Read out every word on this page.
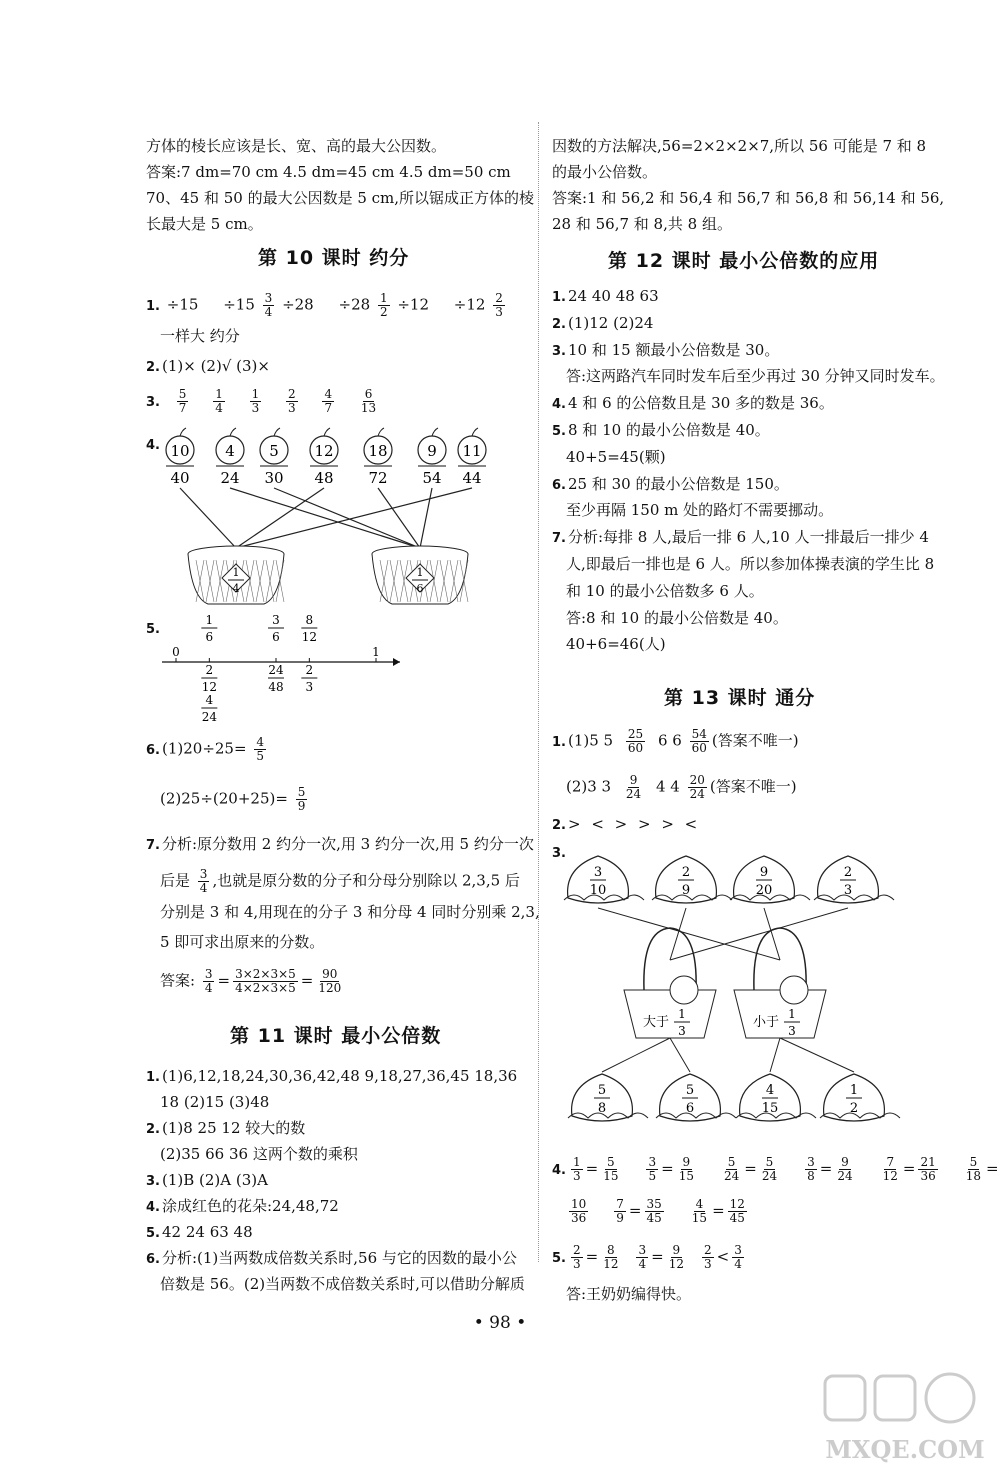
方体的棱长应该是长、宽、高的最大公因数。
答案:7 dm=70 cm 4.5 dm=45 cm 4.5 dm=50 cm
70、45 和 50 的最大公因数是 5 cm,所以锯成正方体的棱
长最大是 5 cm。
第 10 课时 约分
1. $\div 15 \div 15 \frac{3}{4} \div 28 \div 28 \frac{1}{2} \div 12 \div 12 \frac{2}{3}$
一样大 约分
2. (1)× (2)√ (3)×
3. $\frac{5}{7}$
$\frac{1}{4}$
$\frac{1}{3}$
$\frac{2}{3}$
$\frac{4}{7}$
$\frac{6}{13}$
4. 10
40
4
24
5
30
12
48
18
72
9
54
11
44
1
4
1
6
5.
0	1
1
6
3
6
8
12
2
12
24
48
2
3
4
24
6. $(1)20\div 25= \frac{4}{5}$
$(2)25\div(20+25)= \frac{5}{9}$
7. 分析:原分数用 2 约分一次,用 3 约分一次,用 5 约分一次
后是 $\frac{3}{4}$ ,也就是原分数的分子和分母分别除以 2,3,5 后
分别是 3 和 4,用现在的分子 3 和分母 4 同时分别乘 2,3,
5 即可求出原来的分数。
答案: $\frac{3}{4} = \frac{3\times 2\times 3\times 5}{4\times 2\times 3\times 5} = \frac{90}{120}$
第 11 课时 最小公倍数
1. (1)6,12,18,24,30,36,42,48 9,18,27,36,45 18,36
18 (2)15 (3)48
2. (1)8 25 12 较大的数
(2)35 66 36 这两个数的乘积
3. (1)B (2)A (3)A
4. 涂成红色的花朵:24,48,72
5. 42 24 63 48
6. 分析:(1)当两数成倍数关系时,56 与它的因数的最小公
倍数是 56。(2)当两数不成倍数关系时,可以借助分解质
因数的方法解决,56=2×2×2×7,所以 56 可能是 7 和 8
的最小公倍数。
答案:1 和 56,2 和 56,4 和 56,7 和 56,8 和 56,14 和 56,
28 和 56,7 和 8,共 8 组。
第 12 课时 最小公倍数的应用
1. 24 40 48 63
2. (1)12 (2)24
3. 10 和 15 额最小公倍数是 30。
答:这两路汽车同时发车后至少再过 30 分钟又同时发车。
4. 4 和 6 的公倍数且是 30 多的数是 36。
5. 8 和 10 的最小公倍数是 40。
40+5=45(颗)
6. 25 和 30 的最小公倍数是 150。
至少再隔 150 m 处的路灯不需要挪动。
7. 分析:每排 8 人,最后一排 6 人,10 人一排最后一排少 4
人,即最后一排也是 6 人。所以参加体操表演的学生比 8
和 10 的最小公倍数多 6 人。
答:8 和 10 的最小公倍数是 40。
40+6=46(人)
第 13 课时 通分
1. (1)5 $5 \frac{25}{60} 6$ $6 \frac{54}{60}$ (答案不唯一)
(2)3 $3 \frac{9}{24} 4$ $4 \frac{20}{24}$ (答案不唯一)
2. > < > > > <
3.
3
10
2
9
9
20
2
3
5
8
5
6
4
15
1
2
大于
1
3
小于
1
3
4. $\frac{1}{3} = \frac{5}{15} \frac{3}{5} = \frac{9}{15} \frac{5}{24} = \frac{5}{24} \frac{3}{8} = \frac{9}{24} \frac{7}{12} = \frac{21}{36} \frac{5}{18}$ =
$\frac{10}{36} \frac{7}{9} = \frac{35}{45} \frac{4}{15} = \frac{12}{45}$
5. $\frac{2}{3} = \frac{8}{12} \frac{3}{4} = \frac{9}{12} \frac{2}{3} < \frac{3}{4}$
答:王奶奶编得快。
• 98 •
MXQE.COM
